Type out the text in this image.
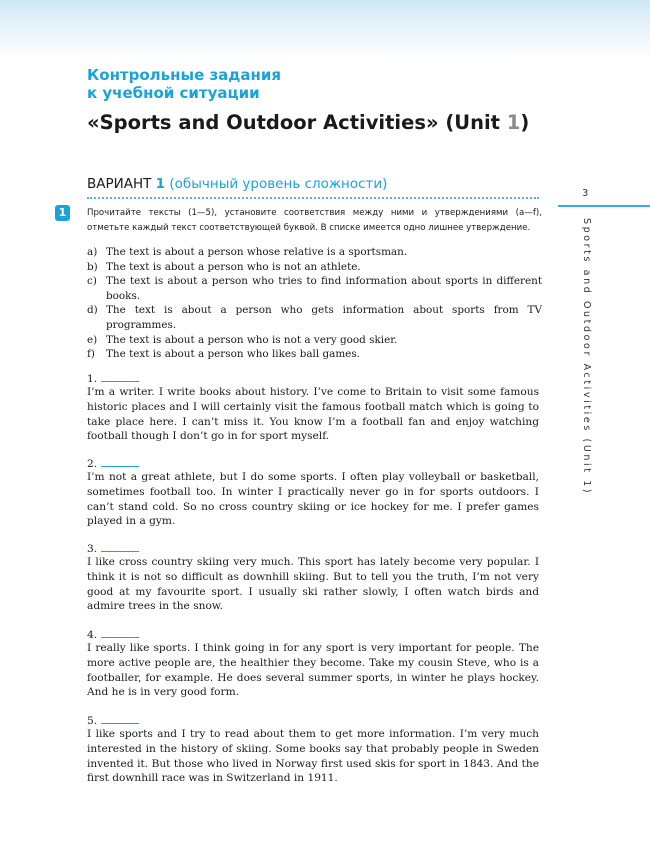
Контрольные задания
к учебной ситуации
«Sports and Outdoor Activities» (Unit 1)
ВАРИАНТ 1 (обычный уровень сложности)
3
Sports and Outdoor Activities (Unit 1)
1	Прочитайте тексты (1—5), установите соответствия между ними и утверждениями (а—f), отметьте каждый текст соответствующей буквой. В списке имеется одно лишнее утверждение.

a) The text is about a person whose relative is a sportsman.
b) The text is about a person who is not an athlete.
c) The text is about a person who tries to find information about sports in different books.
d) The text is about a person who gets information about sports from TV programmes.
e) The text is about a person who is not a very good skier.
f)	The text is about a person who likes ball games.
1.

I’m a writer. I write books about history. I’ve come to Britain to visit some famous historic places and I will certainly visit the famous football match which is going to take place here. I can’t miss it. You know I’m a football fan and enjoy watching football though I don’t go in for sport myself.

2.

I’m not a great athlete, but I do some sports. I often play volleyball or basketball, sometimes football too. In winter I practically never go in for sports outdoors. I can’t stand cold. So no cross country skiing or ice hockey for me. I prefer games played in a gym.

3.

I like cross country skiing very much. This sport has lately become very popular. I think it is not so difficult as downhill skiing. But to tell you the truth, I’m not very good at my favourite sport. I usually ski rather slowly, I often watch birds and admire trees in the snow.

4.

I really like sports. I think going in for any sport is very important for people. The more active people are, the healthier they become. Take my cousin Steve, who is a footballer, for example. He does several summer sports, in winter he plays hockey. And he is in very good form.

5.

I like sports and I try to read about them to get more information. I’m very much interested in the history of skiing. Some books say that probably people in Sweden invented it. But those who lived in Norway first used skis for sport in 1843. And the first downhill race was in Switzerland in 1911.
